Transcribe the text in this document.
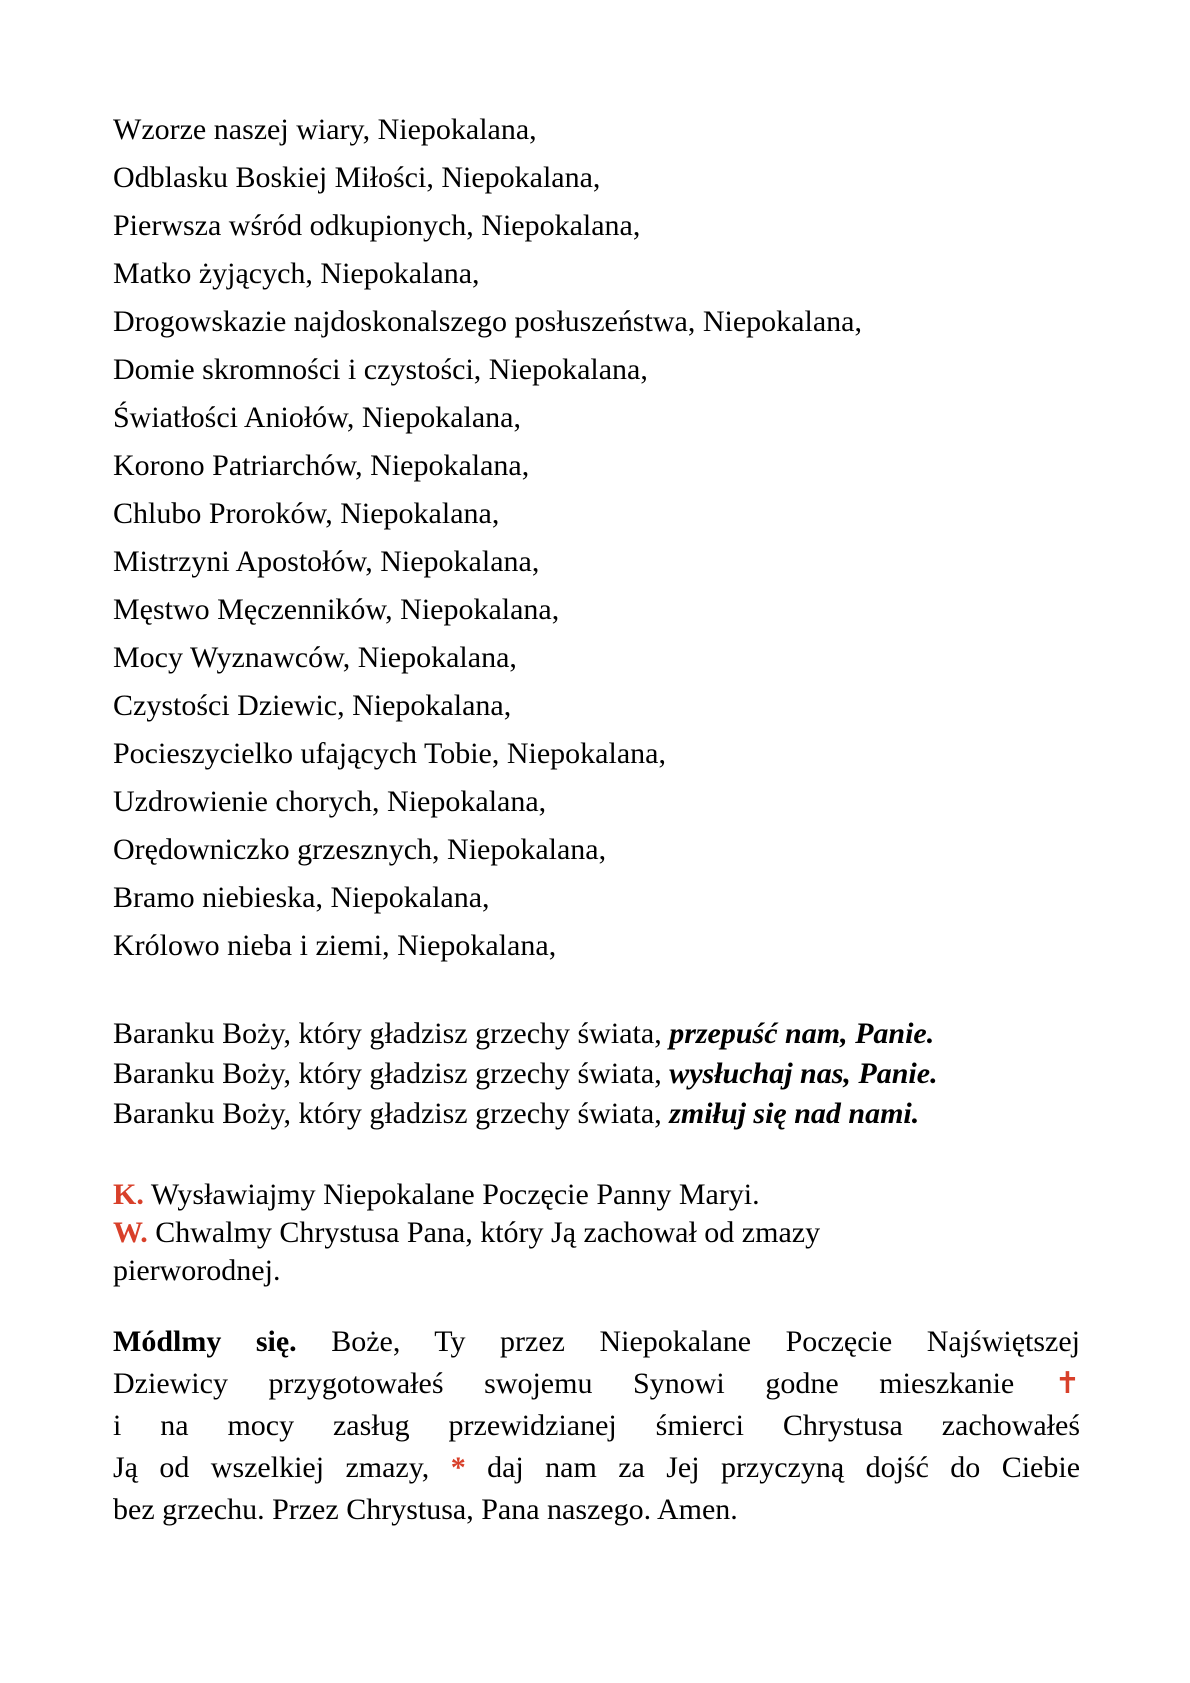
Wzorze naszej wiary, Niepokalana,
Odblasku Boskiej Miłości, Niepokalana,
Pierwsza wśród odkupionych, Niepokalana,
Matko żyjących, Niepokalana,
Drogowskazie najdoskonalszego posłuszeństwa, Niepokalana,
Domie skromności i czystości, Niepokalana,
Światłości Aniołów, Niepokalana,
Korono Patriarchów, Niepokalana,
Chlubo Proroków, Niepokalana,
Mistrzyni Apostołów, Niepokalana,
Męstwo Męczenników, Niepokalana,
Mocy Wyznawców, Niepokalana,
Czystości Dziewic, Niepokalana,
Pocieszycielko ufających Tobie, Niepokalana,
Uzdrowienie chorych, Niepokalana,
Orędowniczko grzesznych, Niepokalana,
Bramo niebieska, Niepokalana,
Królowo nieba i ziemi, Niepokalana,
Baranku Boży, który gładzisz grzechy świata, przepuść nam, Panie.
Baranku Boży, który gładzisz grzechy świata, wysłuchaj nas, Panie.
Baranku Boży, który gładzisz grzechy świata, zmiłuj się nad nami.
K. Wysławiajmy Niepokalane Poczęcie Panny Maryi.
W. Chwalmy Chrystusa Pana, który Ją zachował od zmazy
pierworodnej.
Módlmy się. Boże, Ty przez Niepokalane Poczęcie Najświętszej
Dziewicy przygotowałeś swojemu Synowi godne mieszkanie ✝
i na mocy zasług przewidzianej śmierci Chrystusa zachowałeś
Ją od wszelkiej zmazy, * daj nam za Jej przyczyną dojść do Ciebie
bez grzechu. Przez Chrystusa, Pana naszego. Amen.
